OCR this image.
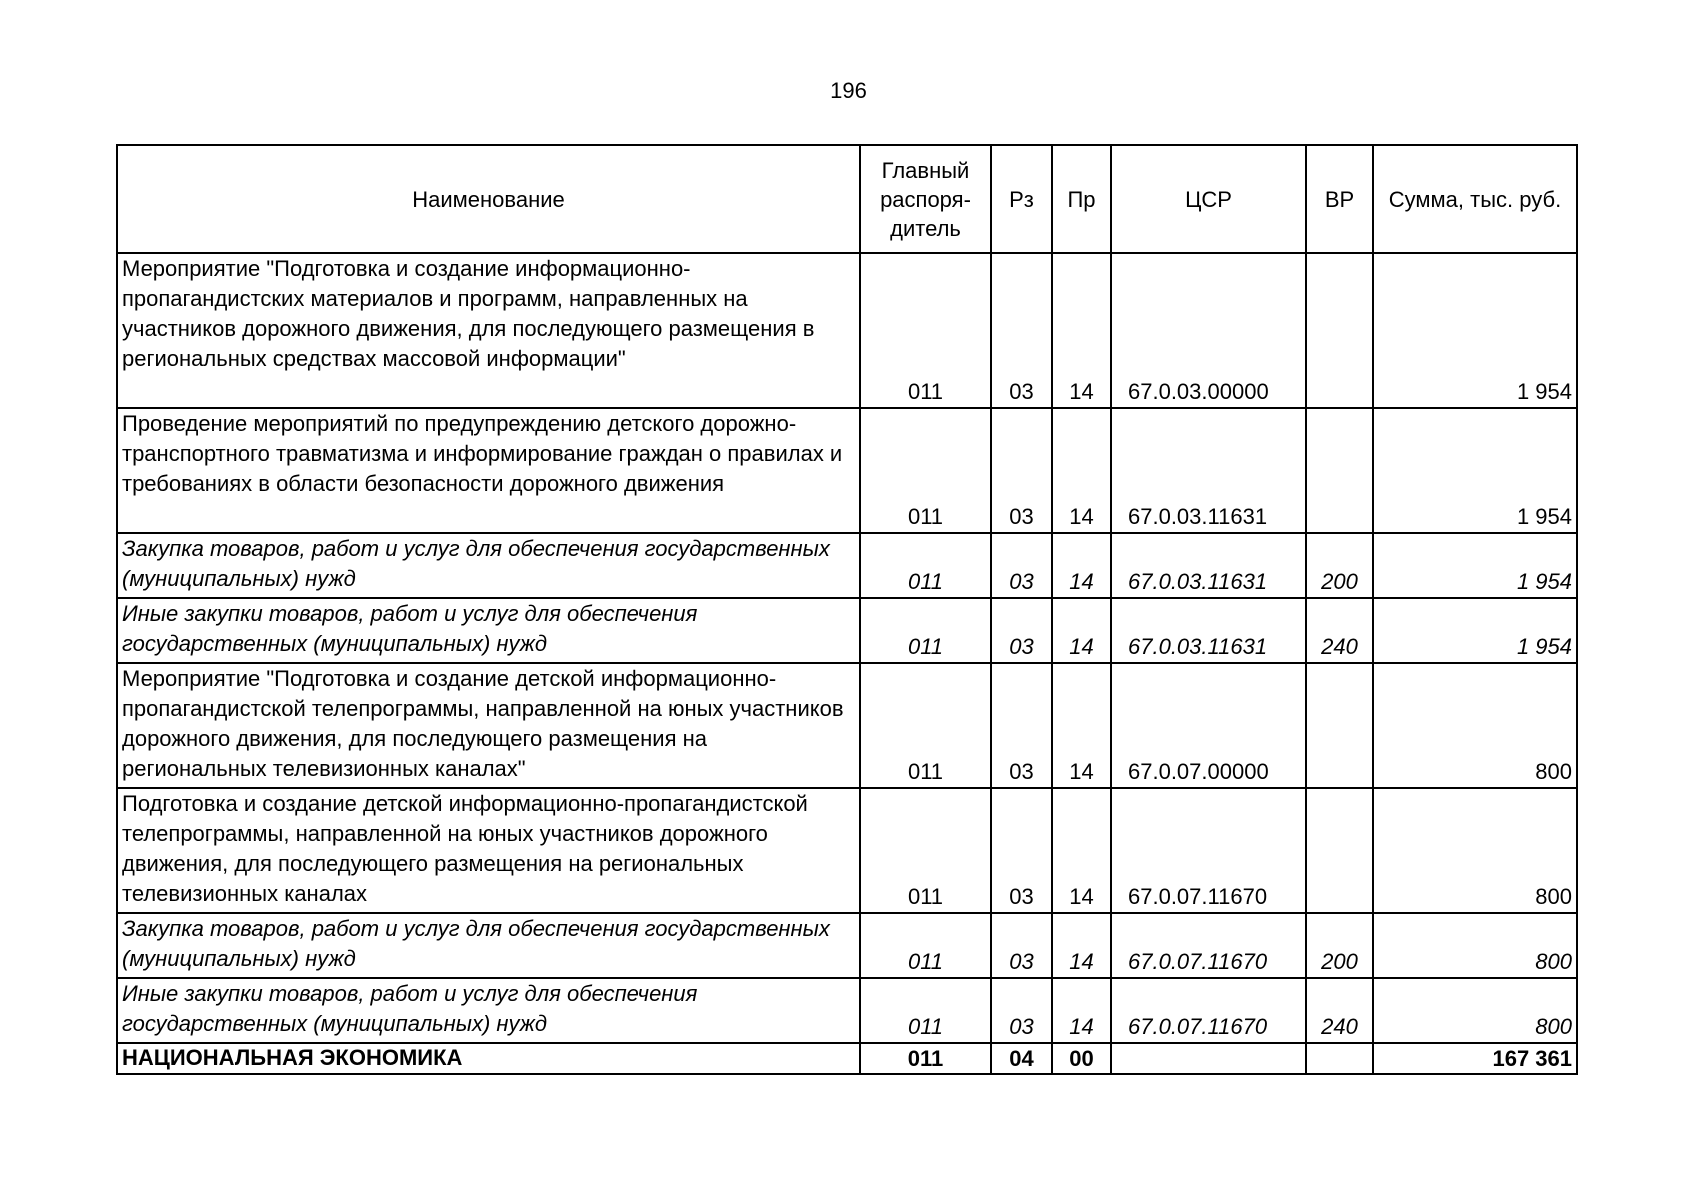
196
Наименование	Главный распоря-дитель	Рз	Пр	ЦСР	ВР	Сумма, тыс. руб.
Мероприятие "Подготовка и создание информационно-пропагандистских материалов и программ, направленных на участников дорожного движения, для последующего размещения в региональных средствах массовой информации"	011	03	14	67.0.03.00000		1 954
Проведение мероприятий по предупреждению детского дорожно-транспортного травматизма и информирование граждан о правилах и требованиях в области безопасности дорожного движения	011	03	14	67.0.03.11631		1 954
Закупка товаров, работ и услуг для обеспечения государственных (муниципальных) нужд	011	03	14	67.0.03.11631	200	1 954
Иные закупки товаров, работ и услуг для обеспечения государственных (муниципальных) нужд	011	03	14	67.0.03.11631	240	1 954
Мероприятие "Подготовка и создание детской информационно-пропагандистской телепрограммы, направленной на юных участников дорожного движения, для последующего размещения на региональных телевизионных каналах"	011	03	14	67.0.07.00000		800
Подготовка и создание детской информационно-пропагандистской телепрограммы, направленной на юных участников дорожного движения, для последующего размещения на региональных телевизионных каналах	011	03	14	67.0.07.11670		800
Закупка товаров, работ и услуг для обеспечения государственных (муниципальных) нужд	011	03	14	67.0.07.11670	200	800
Иные закупки товаров, работ и услуг для обеспечения государственных (муниципальных) нужд	011	03	14	67.0.07.11670	240	800
НАЦИОНАЛЬНАЯ ЭКОНОМИКА	011	04	00			167 361
